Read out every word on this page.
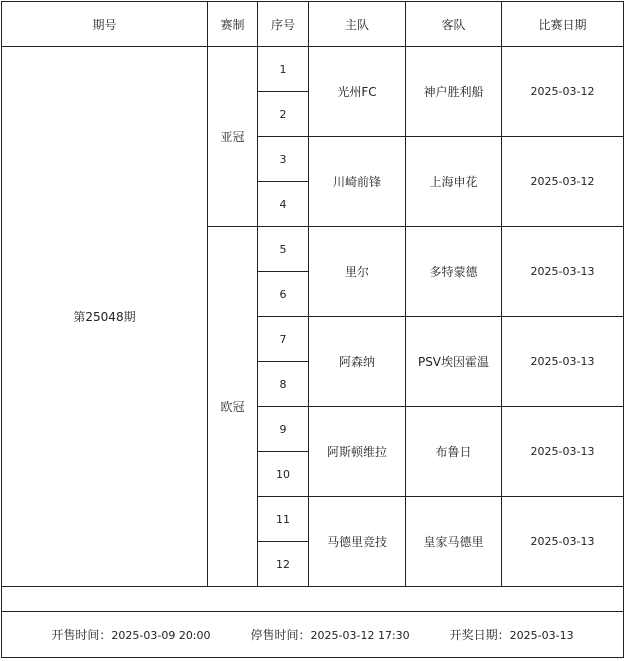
期号	赛制	序号	主队	客队	比赛日期
第25048期	亚冠	1	光州FC	神户胜利船	2025-03-12
		2			
		3	川崎前锋	上海申花	2025-03-12
		4			
	欧冠	5	里尔	多特蒙德	2025-03-13
		6			
		7	阿森纳	PSV埃因霍温	2025-03-13
		8			
		9	阿斯顿维拉	布鲁日	2025-03-13
		10			
		11	马德里竞技	皇家马德里	2025-03-13
		12			

开售时间：2025-03-09 20:00 停售时间：2025-03-12 17:30 开奖日期：2025-03-13					
